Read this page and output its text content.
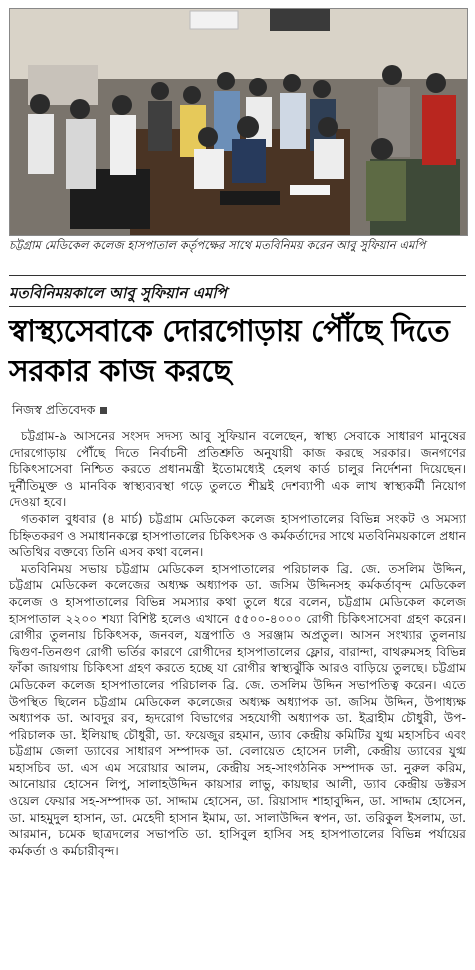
চট্টগ্রাম মেডিকেল কলেজ হাসপাতাল কর্তৃপক্ষের সাথে মতবিনিময় করেন আবু সুফিয়ান এমপি
মতবিনিময়কালে আবু সুফিয়ান এমপি
স্বাস্থ্যসেবাকে দোরগোড়ায় পৌঁছে দিতে সরকার কাজ করছে
নিজস্ব প্রতিবেদক

চট্টগ্রাম-৯ আসনের সংসদ সদস্য আবু সুফিয়ান বলেছেন, স্বাস্থ্য সেবাকে সাধারণ মানুষের দোরগোড়ায় পৌঁছে দিতে নির্বাচনী প্রতিশ্রুতি অনুযায়ী কাজ করছে সরকার। জনগণের চিকিৎসাসেবা নিশ্চিত করতে প্রধানমন্ত্রী ইতোমধ্যেই হেলথ কার্ড চালুর নির্দেশনা দিয়েছেন। দুর্নীতিমুক্ত ও মানবিক স্বাস্থ্যব্যবস্থা গড়ে তুলতে শীঘ্রই দেশব্যাপী এক লাখ স্বাস্থ্যকর্মী নিয়োগ দেওয়া হবে।

গতকাল বুধবার (৪ মার্চ) চট্টগ্রাম মেডিকেল কলেজ হাসপাতালের বিভিন্ন সংকট ও সমস্যা চিহ্নিতকরণ ও সমাধানকল্পে হাসপাতালের চিকিৎসক ও কর্মকর্তাদের সাথে মতবিনিময়কালে প্রধান অতিথির বক্তব্যে তিনি এসব কথা বলেন।

মতবিনিময় সভায় চট্টগ্রাম মেডিকেল হাসপাতালের পরিচালক ব্রি. জে. তসলিম উদ্দিন, চট্টগ্রাম মেডিকেল কলেজের অধ্যক্ষ অধ্যাপক ডা. জসিম উদ্দিনসহ কর্মকর্তাবৃন্দ মেডিকেল কলেজ ও হাসপাতালের বিভিন্ন সমস্যার কথা তুলে ধরে বলেন, চট্টগ্রাম মেডিকেল কলেজ হাসপাতাল ২২০০ শয্যা বিশিষ্ট হলেও এখানে ৫৫০০-৪০০০ রোগী চিকিৎসাসেবা গ্রহণ করেন। রোগীর তুলনায় চিকিৎসক, জনবল, যন্ত্রপাতি ও সরঞ্জাম অপ্রতুল। আসন সংখ্যার তুলনায় দ্বিগুণ-তিনগুণ রোগী ভর্তির কারণে রোগীদের হাসপাতালের ফ্লোর, বারান্দা, বাথরুমসহ বিভিন্ন ফাঁকা জায়গায় চিকিৎসা গ্রহণ করতে হচ্ছে যা রোগীর স্বাস্থ্যঝুঁকি আরও বাড়িয়ে তুলছে। চট্টগ্রাম মেডিকেল কলেজ হাসপাতালের পরিচালক ব্রি. জে. তসলিম উদ্দিন সভাপতিত্ব করেন। এতে উপস্থিত ছিলেন চট্টগ্রাম মেডিকেল কলেজের অধ্যক্ষ অধ্যাপক ডা. জসিম উদ্দিন, উপাধ্যক্ষ অধ্যাপক ডা. আবদুর রব, হৃদরোগ বিভাগের সহযোগী অধ্যাপক ডা. ইব্রাহীম চৌধুরী, উপ-পরিচালক ডা. ইলিয়াছ চৌধুরী, ডা. ফয়েজুর রহমান, ড্যাব কেন্দ্রীয় কমিটির যুগ্ম মহাসচিব এবং চট্টগ্রাম জেলা ড্যাবের সাধারণ সম্পাদক ডা. বেলায়েত হোসেন ঢালী, কেন্দ্রীয় ড্যাবের যুগ্ম মহাসচিব ডা. এস এম সরোয়ার আলম, কেন্দ্রীয় সহ-সাংগঠনিক সম্পাদক ডা. নুরুল করিম, আনোয়ার হোসেন লিপু, সালাহউদ্দিন কায়সার লাভু, কায়ছার আলী, ড্যাব কেন্দ্রীয় ডক্টরস ওয়েল ফেয়ার সহ-সম্পাদক ডা. সাদ্দাম হোসেন, ডা. রিয়াসাদ শাহাবুদ্দিন, ডা. সাদ্দাম হোসেন, ডা. মাহমুদুল হাসান, ডা. মেহেদী হাসান ইমাম, ডা. সালাউদ্দিন স্বপন, ডা. তরিকুল ইসলাম, ডা. আরমান, চমেক ছাত্রদলের সভাপতি ডা. হাসিবুল হাসিব সহ হাসপাতালের বিভিন্ন পর্যায়ের কর্মকর্তা ও কর্মচারীবৃন্দ।
